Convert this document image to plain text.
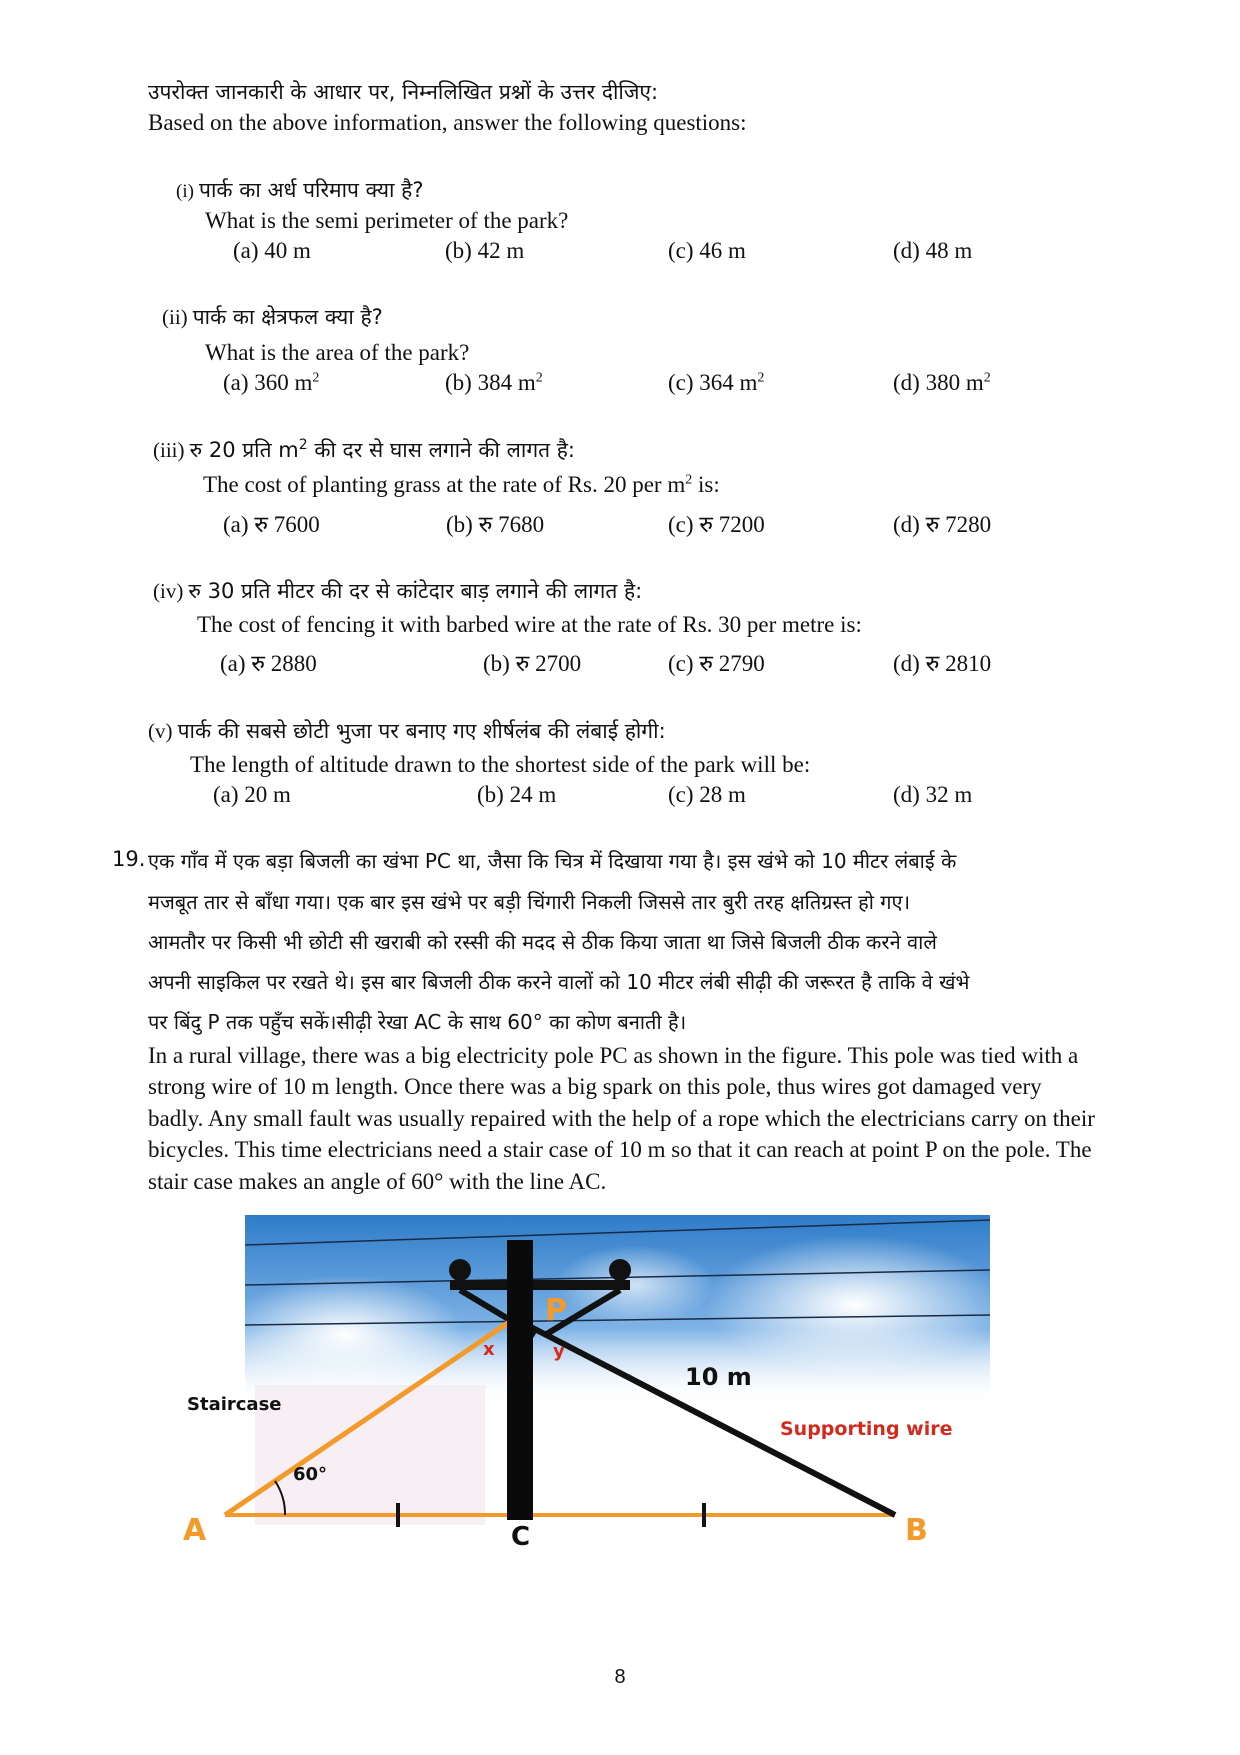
उपरोक्त जानकारी के आधार पर, निम्नलिखित प्रश्नों के उत्तर दीजिए:
Based on the above information, answer the following questions:
(i) पार्क का अर्ध परिमाप क्या है?
What is the semi perimeter of the park?
(a) 40 m	(b) 42 m	(c) 46 m	(d) 48 m
(ii) पार्क का क्षेत्रफल क्या है?
What is the area of the park?
(a) 360 $m^2$	(b) 384 $m^2$	(c) 364 $m^2$	(d) 380 $m^2$
(iii) रु 20 प्रति $m^2$ की दर से घास लगाने की लागत है:
The cost of planting grass at the rate of Rs. 20 per $m^2$ is:
(a) रु 7600	(b) रु 7680	(c) रु 7200	(d) रु 7280
(iv) रु 30 प्रति मीटर की दर से कांटेदार बाड़ लगाने की लागत है:
The cost of fencing it with barbed wire at the rate of Rs. 30 per metre is:
(a) रु 2880	(b) रु 2700	(c) रु 2790	(d) रु 2810
(v) पार्क की सबसे छोटी भुजा पर बनाए गए शीर्षलंब की लंबाई होगी:
The length of altitude drawn to the shortest side of the park will be:
(a) 20 m	(b) 24 m	(c) 28 m	(d) 32 m
19. एक गाँव में एक बड़ा बिजली का खंभा PC था, जैसा कि चित्र में दिखाया गया है। इस खंभे को 10 मीटर लंबाई के
मजबूत तार से बाँधा गया। एक बार इस खंभे पर बड़ी चिंगारी निकली जिससे तार बुरी तरह क्षतिग्रस्त हो गए।
आमतौर पर किसी भी छोटी सी खराबी को रस्सी की मदद से ठीक किया जाता था जिसे बिजली ठीक करने वाले
अपनी साइकिल पर रखते थे। इस बार बिजली ठीक करने वालों को 10 मीटर लंबी सीढ़ी की जरूरत है ताकि वे खंभे
पर बिंदु P तक पहुँच सकें।सीढ़ी रेखा AC के साथ 60° का कोण बनाती है।
In a rural village, there was a big electricity pole PC as shown in the figure. This pole was tied with a
strong wire of 10 m length. Once there was a big spark on this pole, thus wires got damaged very
badly. Any small fault was usually repaired with the help of a rope which the electricians carry on their
bicycles. This time electricians need a stair case of 10 m so that it can reach at point P on the pole. The
stair case makes an angle of 60° with the line AC.
P
x	y
10 m
Supporting wire
Staircase
60°
A	C	B
8
